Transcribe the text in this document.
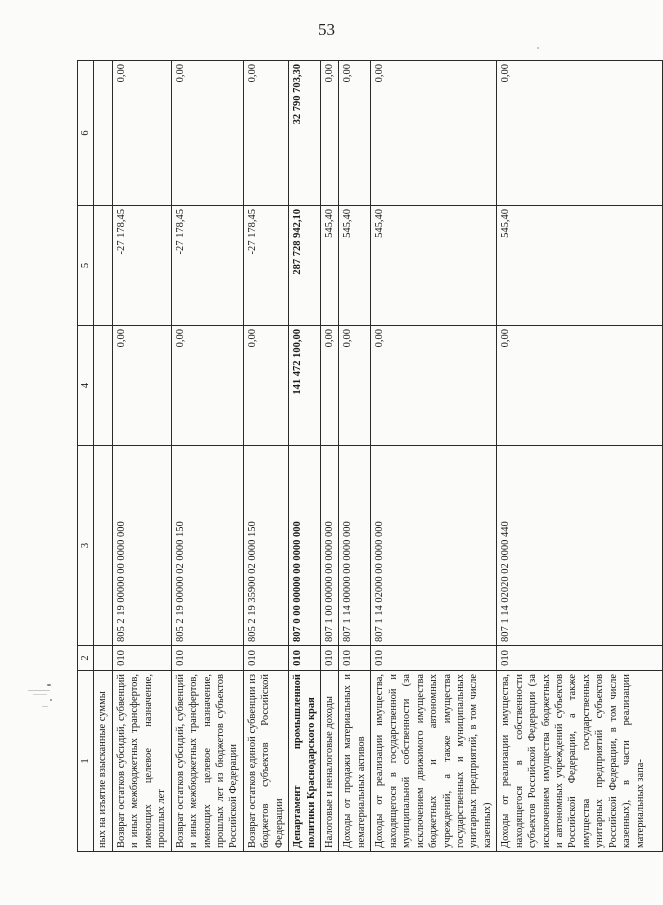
53
1	2	3	4	5	6
ных на изъятие взысканные суммы					
Возврат остатков субсидий, субвенций и иных межбюджетных трансфертов, имеющих целевое назначение, прошлых лет	010	805 2 19 00000 00 0000 000	0,00	-27 178,45	0,00
Возврат остатков субсидий, субвенций и иных межбюджетных трансфертов, имеющих целевое назначение, прошлых лет из бюджетов субъектов Российской Федерации	010	805 2 19 00000 02 0000 150	0,00	-27 178,45	0,00
Возврат остатков единой субвенции из бюджетов субъектов Российской Федерации	010	805 2 19 35900 02 0000 150	0,00	-27 178,45	0,00
Департамент промышленной политики Краснодарского края	010	807 0 00 00000 00 0000 000	141 472 100,00	287 728 942,10	32 790 703,30
Налоговые и неналоговые доходы	010	807 1 00 00000 00 0000 000	0,00	545,40	0,00
Доходы от продажи материальных и нематериальных активов	010	807 1 14 00000 00 0000 000	0,00	545,40	0,00
Доходы от реализации имущества, находящегося в государственной и муниципальной собственности (за исключением движимого имущества бюджетных и автономных учреждений, а также имущества государственных и муниципальных унитарных предприятий, в том числе казенных)	010	807 1 14 02000 00 0000 000	0,00	545,40	0,00
Доходы от реализации имущества, находящегося в собственности субъектов Российской Федерации (за исключением имущества бюджетных и автономных учреждений субъектов Российской Федерации, а также имущества государственных унитарных предприятий субъектов Российской Федерации, в том числе казенных), в части реализации материальных запа-	010	807 1 14 02020 02 0000 440	0,00	545,40	0,00
